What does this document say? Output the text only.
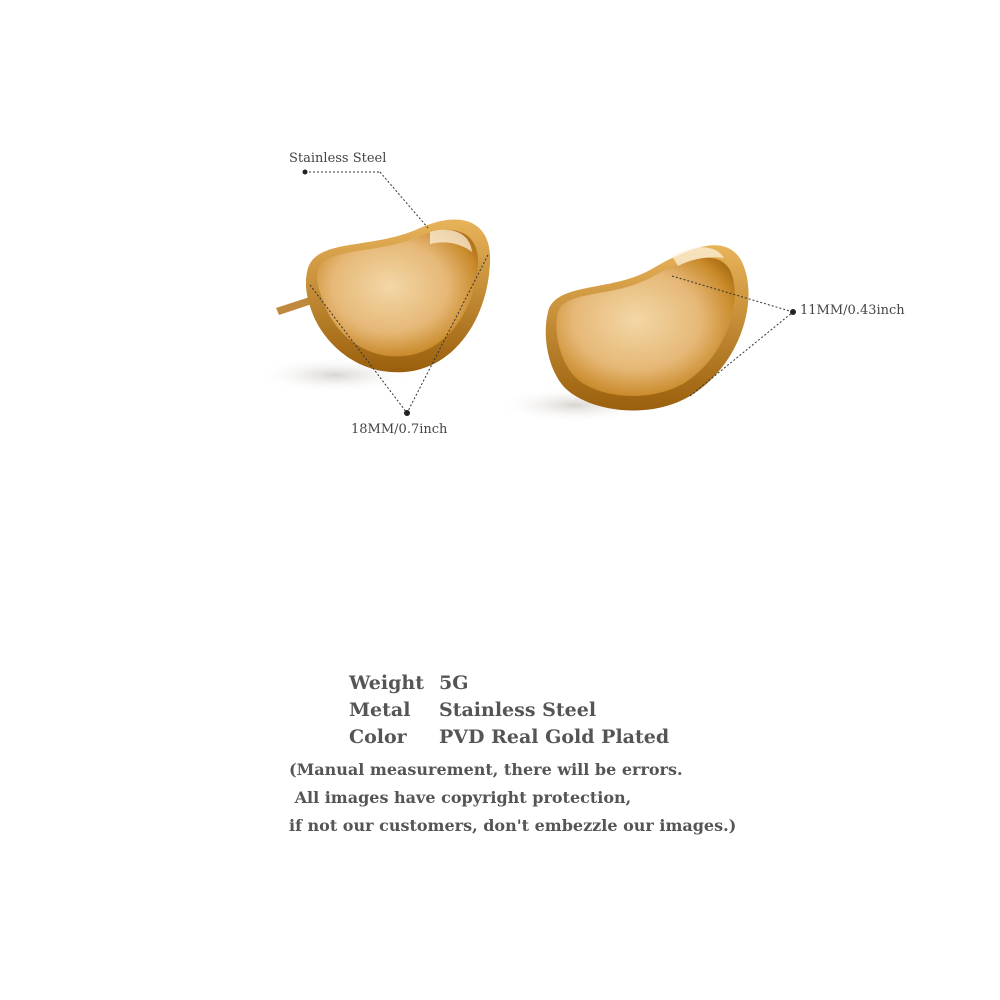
Stainless Steel
11MM/0.43inch
18MM/0.7inch
Weight 5G
Metal Stainless Steel
Color PVD Real Gold Plated
(Manual measurement, there will be errors.
All images have copyright protection,
if not our customers, don't embezzle our images.)
